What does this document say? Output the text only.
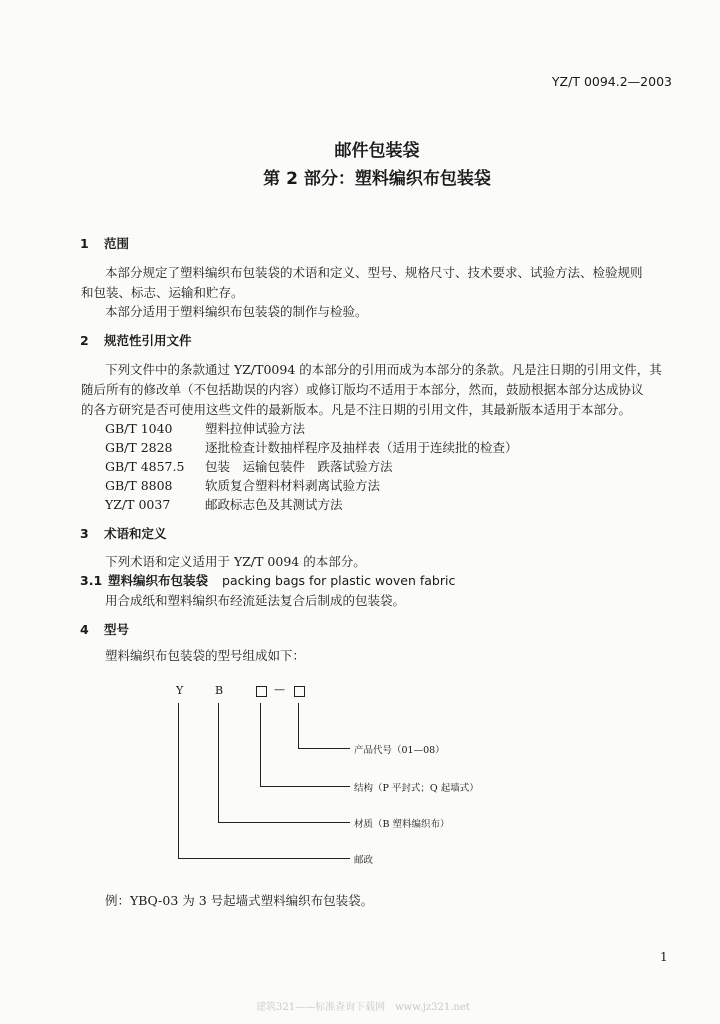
YZ/T 0094.2—2003
邮件包装袋
第 2 部分：塑料编织布包装袋
1 范围
本部分规定了塑料编织布包装袋的术语和定义、型号、规格尺寸、技术要求、试验方法、检验规则
和包装、标志、运输和贮存。
本部分适用于塑料编织布包装袋的制作与检验。
2 规范性引用文件
下列文件中的条款通过 YZ/T0094 的本部分的引用而成为本部分的条款。凡是注日期的引用文件，其
随后所有的修改单（不包括勘误的内容）或修订版均不适用于本部分，然而，鼓励根据本部分达成协议
的各方研究是否可使用这些文件的最新版本。凡是不注日期的引用文件，其最新版本适用于本部分。
GB/T 1040	塑料拉伸试验方法
GB/T 2828	逐批检查计数抽样程序及抽样表（适用于连续批的检查）
GB/T 4857.5 包装　运输包装件　跌落试验方法
GB/T 8808	软质复合塑料材料剥离试验方法
YZ/T 0037	邮政标志色及其测试方法
3 术语和定义
下列术语和定义适用于 YZ/T 0094 的本部分。
3.1 塑料编织布包装袋 packing bags for plastic woven fabric
用合成纸和塑料编织布经流延法复合后制成的包装袋。
4 型号
塑料编织布包装袋的型号组成如下：
Y	B	—
产品代号（01—08）
结构（P 平封式；Q 起墙式）
材质（B 塑料编织布）
邮政
例：YBQ-03 为 3 号起墙式塑料编织布包装袋。
1
建筑321——标准查询下载网　www.jz321.net
